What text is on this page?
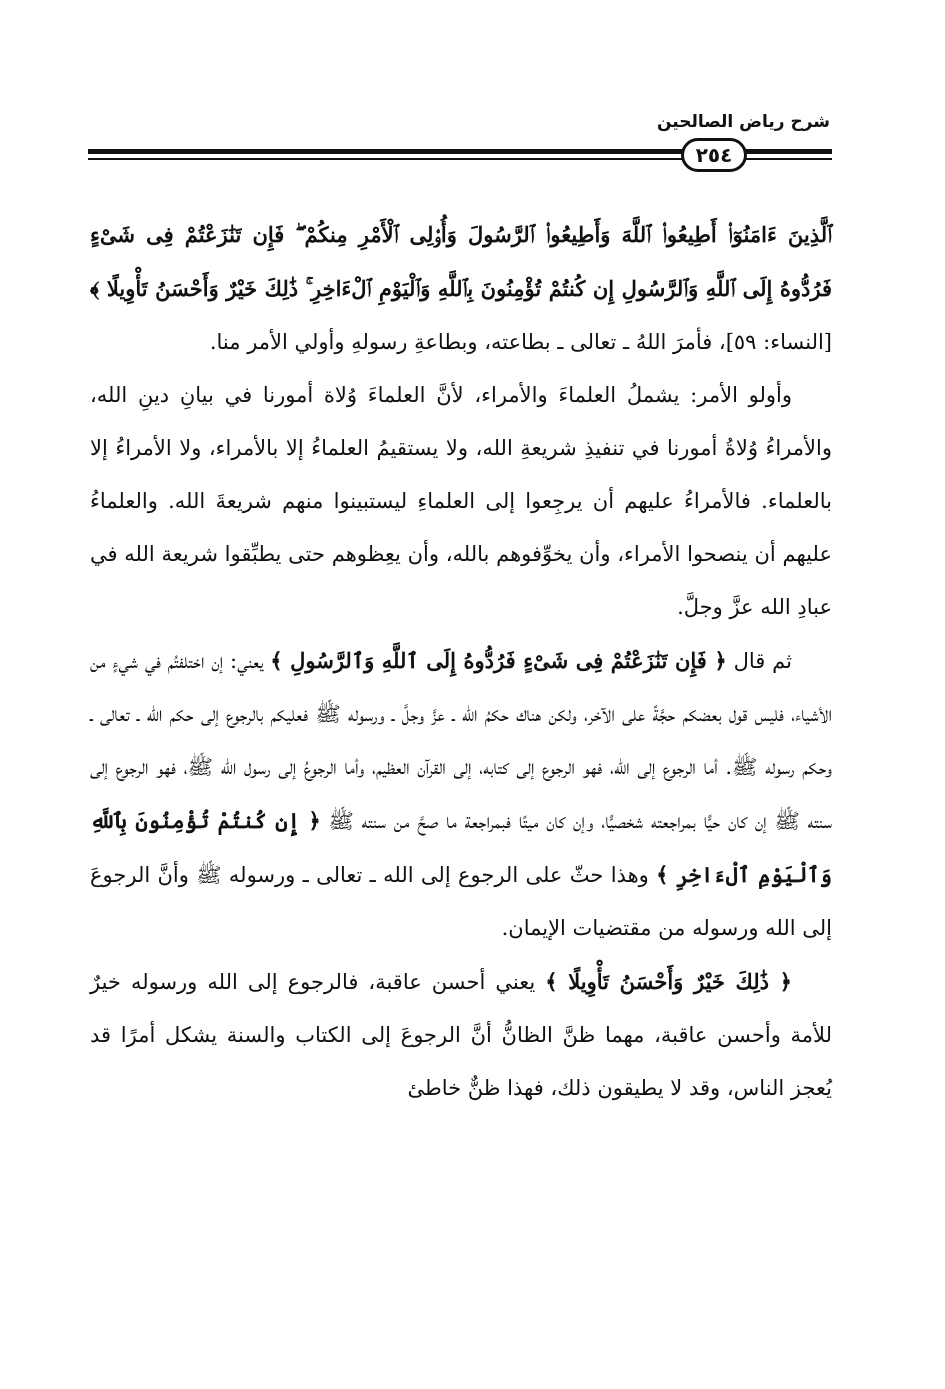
شرح رياض الصالحين
٢٥٤

ٱلَّذِينَ ءَامَنُوٓا۟ أَطِيعُوا۟ ٱللَّهَ وَأَطِيعُوا۟ ٱلرَّسُولَ وَأُو۟لِى ٱلْأَمْرِ مِنكُمْ ۖ فَإِن تَنَٰزَعْتُمْ فِى شَىْءٍ فَرُدُّوهُ إِلَى ٱللَّهِ وَٱلرَّسُولِ إِن كُنتُمْ تُؤْمِنُونَ بِٱللَّهِ وَٱلْيَوْمِ ٱلْءَاخِرِ ۚ ذَٰلِكَ خَيْرٌ وَأَحْسَنُ تَأْوِيلًا ﴾ [النساء: ٥٩]، فأمرَ اللهُ ـ تعالى ـ بطاعته، وبطاعةِ رسولهِ وأولي الأمر منا.

وأولو الأمر: يشملُ العلماءَ والأمراء، لأنَّ العلماءَ وُلاة أمورنا في بيانِ دينِ الله، والأمراءُ وُلاةُ أمورنا في تنفيذِ شريعةِ الله، ولا يستقيمُ العلماءُ إلا بالأمراء، ولا الأمراءُ إلا بالعلماء. فالأمراءُ عليهم أن يرجِعوا إلى العلماءِ ليستبينوا منهم شريعةَ الله. والعلماءُ عليهم أن ينصحوا الأمراء، وأن يخوِّفوهم بالله، وأن يعِظوهم حتى يطبِّقوا شريعة الله في عبادِ الله عزَّ وجلَّ.

ثم قال ﴿ فَإِن تَنَٰزَعْتُمْ فِى شَىْءٍ فَرُدُّوهُ إِلَى ٱللَّهِ وَٱلرَّسُولِ ﴾ يعني: إن اختلفتُم في شيءٍ من الأشياء، فليس قول بعضكم حجَّةً على الآخر، ولكن هناك حكمُ الله ـ عزَّ وجلَّ ـ ورسوله ﷺ فعليكم بالرجوع إلى حكم الله ـ تعالى ـ وحكم رسوله ﷺ. أما الرجوع إلى الله، فهو الرجوع إلى كتابه، إلى القرآن العظيم، وأما الرجوعُ إلى رسول الله ﷺ، فهو الرجوع إلى سنته ﷺ إن كان حيًّا بمراجعته شخصيًّا، وإن كان ميتًا فبمراجعة ما صحَّ من سنته ﷺ ﴿ إِن كُنتُمْ تُؤْمِنُونَ بِٱللَّهِ وَٱلْيَوْمِ ٱلْءَاخِرِ ﴾ وهذا حثّ على الرجوع إلى الله ـ تعالى ـ ورسوله ﷺ وأنَّ الرجوعَ إلى الله ورسوله من مقتضيات الإيمان.

﴿ ذَٰلِكَ خَيْرٌ وَأَحْسَنُ تَأْوِيلًا ﴾ يعني أحسن عاقبة، فالرجوع إلى الله ورسوله خيرٌ للأمة وأحسن عاقبة، مهما ظنَّ الظانُّ أنَّ الرجوعَ إلى الكتاب والسنة يشكل أمرًا قد يُعجز الناس، وقد لا يطيقون ذلك، فهذا ظنٌّ خاطئ
